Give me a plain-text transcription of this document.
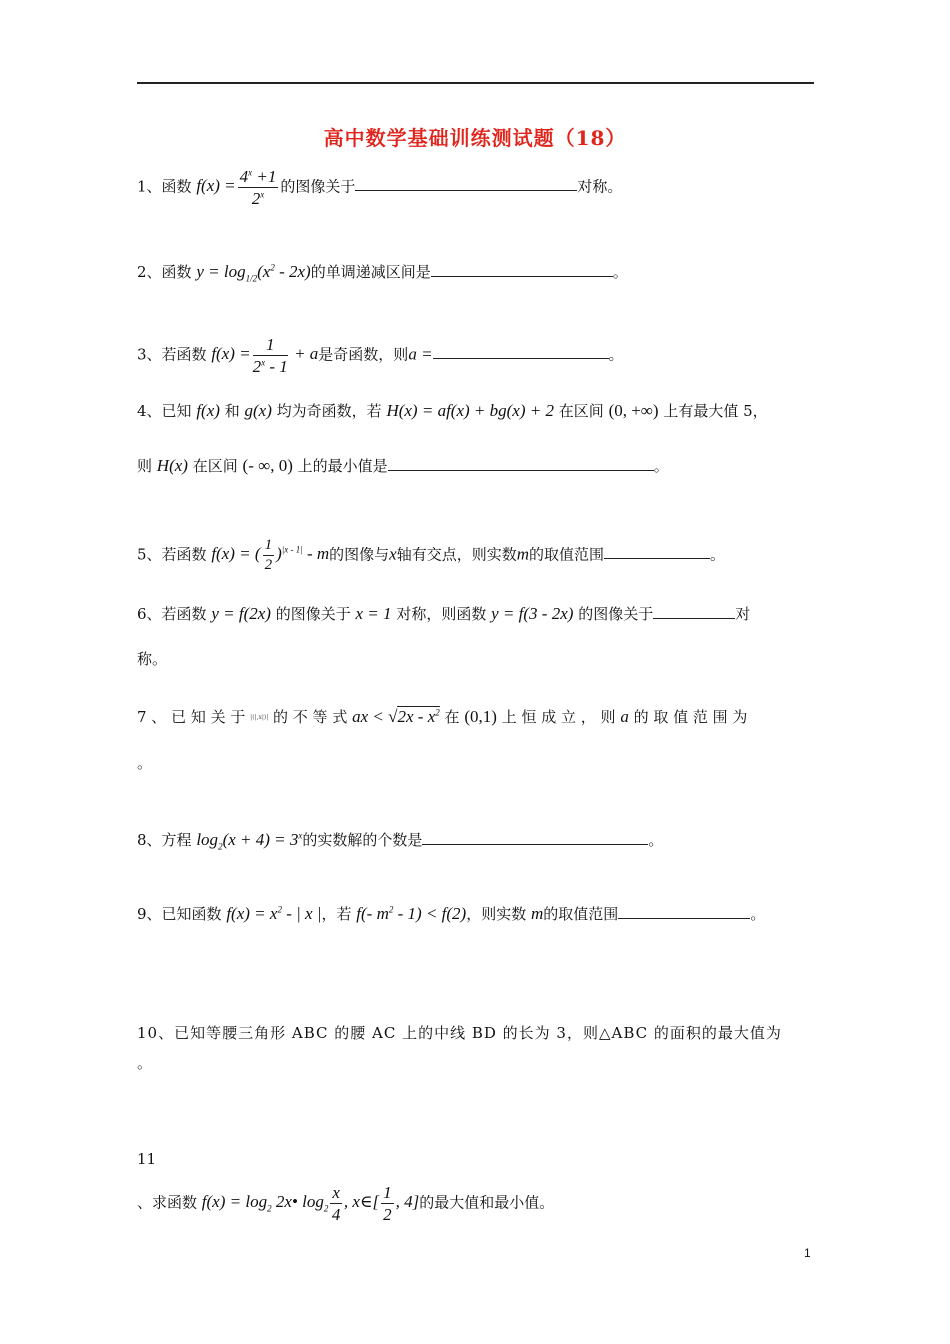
高中数学基础训练测试题（18）
1、函数 $f(x) = \frac{4^x +1}{2^x}$ 的图像关于	对称。
2、函数 $y = \log_{1/2}(x^2 - 2x)$的单调递减区间是	。
3、若函数 $f(x) = \frac{1}{2^x - 1} + a$是奇函数，则a =	。
4、已知 f(x) 和 g(x) 均为奇函数，若 H(x) = af(x) + bg(x) + 2 在区间 (0, +∞) 上有最大值 5，
则 H(x) 在区间 (- ∞, 0) 上的最小值是	。
5、若函数 f(x) = ( $\frac{1}{2} )^{|x - 1|}$ - m的图像与x轴有交点，则实数m的取值范围	。
6、若函数 y = f(2x) 的图像关于 x = 1 对称，则函数 y = f(3 - 2x) 的图像关于	对
称。
7 、 已 知 关 于 |(|,x|)| 的 不 等 式 ax < $√2x - x^2$ 在 (0,1) 上 恒 成 立 ， 则 a 的 取 值 范 围 为
。
8、方程 $\log_2(x + 4) = 3^x$的实数解的个数是	。
9、已知函数 $f(x) = x^2$ - | x |，若 f(- $m^2 - 1) < f(2)$，则实数 m的取值范围	。
10、已知等腰三角形 ABC 的腰 AC 上的中线 BD 的长为 3，则△ABC 的面积的最大值为
。
11
、求函数 $f(x) = \log_2$ 2x• $\log_2 \frac{x}{4}$ , x∈[ $\frac{1}{2}$ , 4]的最大值和最小值。
1
